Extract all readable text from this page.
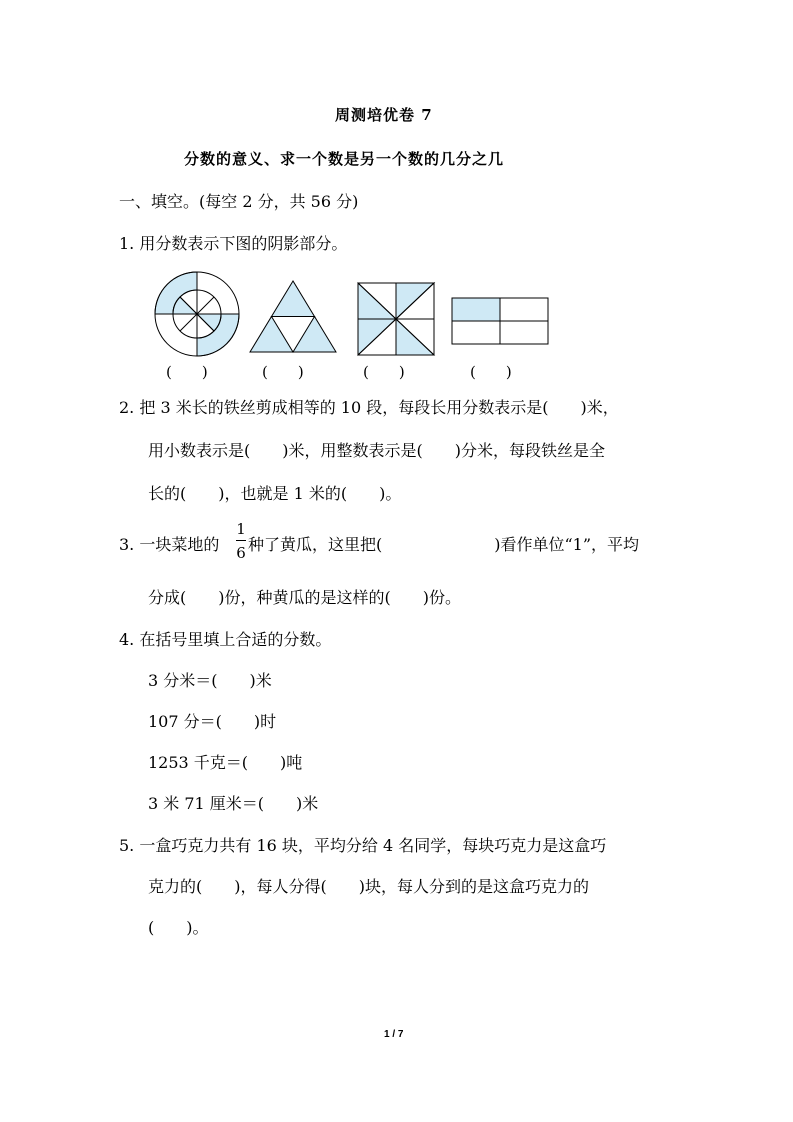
周测培优卷 7
分数的意义、求一个数是另一个数的几分之几
一、填空。(每空 2 分，共 56 分)
1. 用分数表示下图的阴影部分。
(　　)	(　　)	(　　)	(　　)
2. 把 3 米长的铁丝剪成相等的 10 段，每段长用分数表示是(　　)米，
用小数表示是(　　)米，用整数表示是(　　)分米，每段铁丝是全
长的(　　)，也就是 1 米的(　　)。
3. 一块菜地的
1
6 种了黄瓜，这里把(　　　　　　　)看作单位“1”，平均
分成(　　)份，种黄瓜的是这样的(　　)份。
4. 在括号里填上合适的分数。
3 分米＝(　　)米
107 分＝(　　)时
1253 千克＝(　　)吨
3 米 71 厘米＝(　　)米
5. 一盒巧克力共有 16 块，平均分给 4 名同学，每块巧克力是这盒巧
克力的(　　)，每人分得(　　)块，每人分到的是这盒巧克力的
(　　)。
1 / 7
